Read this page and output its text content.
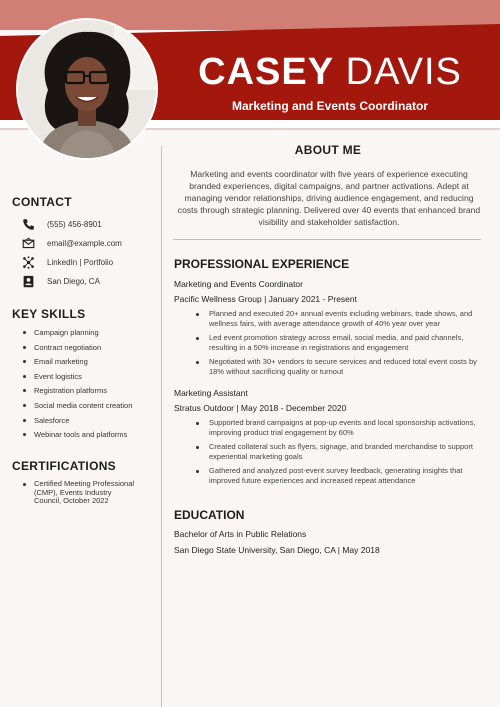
CASEY DAVIS
Marketing and Events Coordinator
CONTACT
(555) 456-8901
email@example.com
LinkedIn | Portfolio
San Diego, CA
KEY SKILLS
Campaign planning
Contract negotiation
Email marketing
Event logistics
Registration platforms
Social media content creation
Salesforce
Webinar tools and platforms
CERTIFICATIONS
Certified Meeting Professional (CMP), Events Industry Council, October 2022
ABOUT ME
Marketing and events coordinator with five years of experience executing branded experiences, digital campaigns, and partner activations. Adept at managing vendor relationships, driving audience engagement, and reducing costs through strategic planning. Delivered over 40 events that enhanced brand visibility and stakeholder satisfaction.
PROFESSIONAL EXPERIENCE
Marketing and Events Coordinator
Pacific Wellness Group | January 2021 - Present
Planned and executed 20+ annual events including webinars, trade shows, and wellness fairs, with average attendance growth of 40% year over year
Led event promotion strategy across email, social media, and paid channels, resulting in a 50% increase in registrations and engagement
Negotiated with 30+ vendors to secure services and reduced total event costs by 18% without sacrificing quality or turnout
Marketing Assistant
Stratus Outdoor | May 2018 - December 2020
Supported brand campaigns at pop-up events and local sponsorship activations, improving product trial engagement by 60%
Created collateral such as flyers, signage, and branded merchandise to support experiential marketing goals
Gathered and analyzed post-event survey feedback, generating insights that improved future experiences and increased repeat attendance
EDUCATION
Bachelor of Arts in Public Relations
San Diego State University, San Diego, CA | May 2018
